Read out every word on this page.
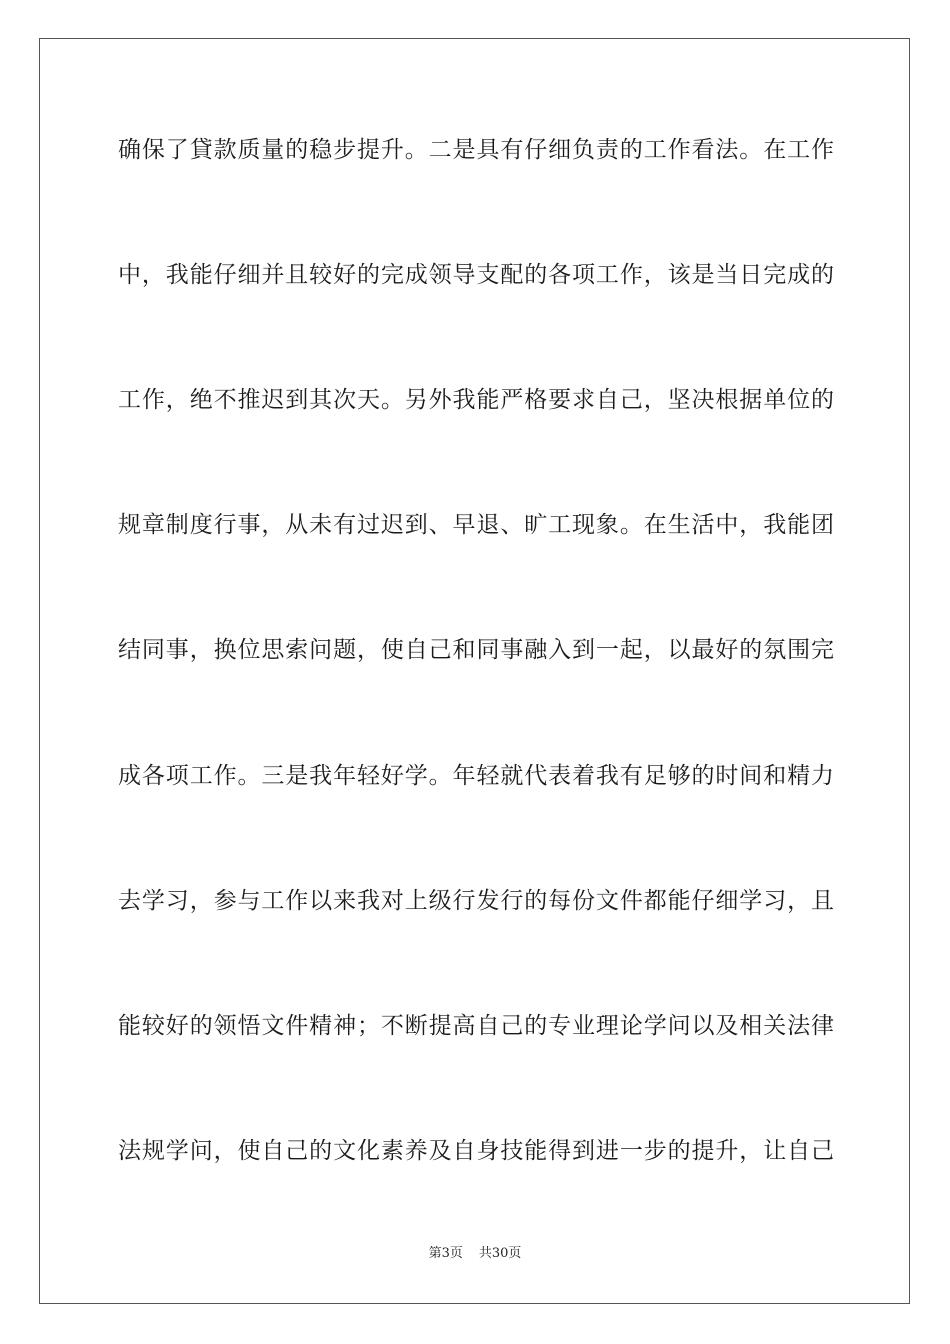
确保了貸款质量的稳步提升。二是具有仔细负责的工作看法。在工作
中，我能仔细并且较好的完成领导支配的各项工作，该是当日完成的
工作，绝不推迟到其次天。另外我能严格要求自己，坚决根据单位的
规章制度行事，从未有过迟到、早退、旷工现象。在生活中，我能团
结同事，换位思索问题，使自己和同事融入到一起，以最好的氛围完
成各项工作。三是我年轻好学。年轻就代表着我有足够的时间和精力
去学习，参与工作以来我对上级行发行的每份文件都能仔细学习，且
能较好的领悟文件精神；不断提高自己的专业理论学问以及相关法律
法规学问，使自己的文化素养及自身技能得到进一步的提升，让自己
第3页 共30页
